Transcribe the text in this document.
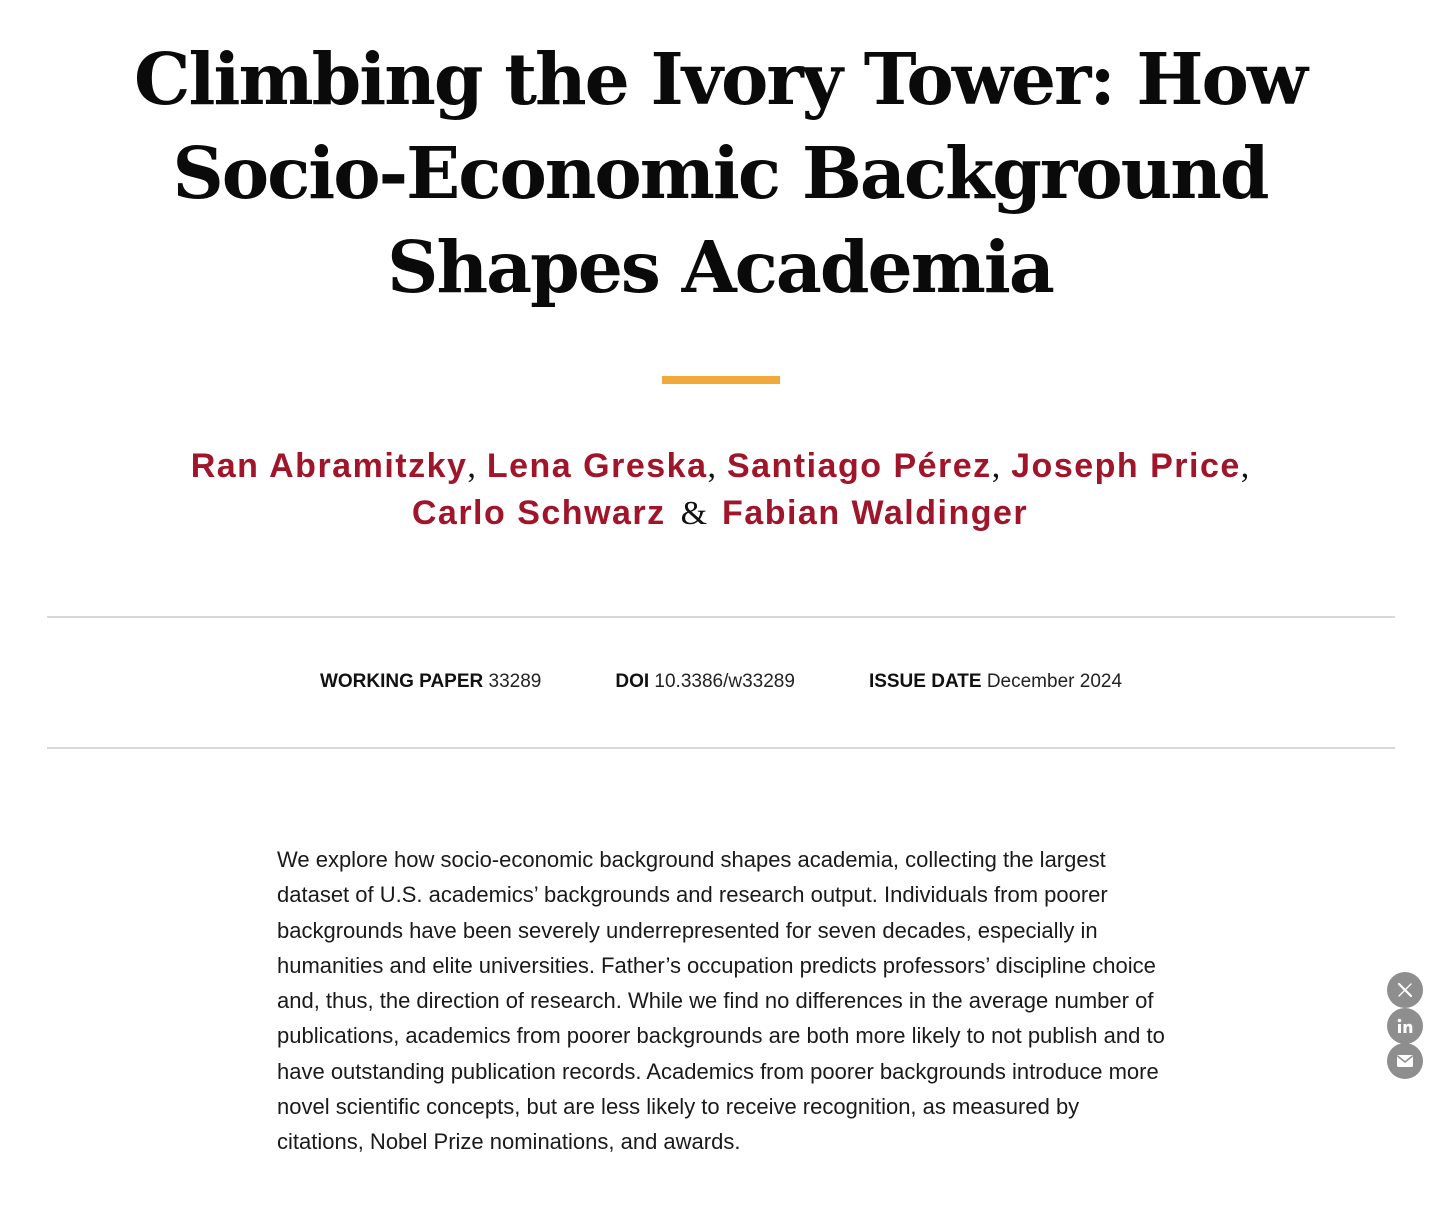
Climbing the Ivory Tower: How Socio-Economic Background Shapes Academia
Ran Abramitzky, Lena Greska, Santiago Pérez, Joseph Price, Carlo Schwarz & Fabian Waldinger
WORKING PAPER 33289	DOI 10.3386/w33289	ISSUE DATE December 2024

We explore how socio-economic background shapes academia, collecting the largest dataset of U.S. academics’ backgrounds and research output. Individuals from poorer backgrounds have been severely underrepresented for seven decades, especially in humanities and elite universities. Father’s occupation predicts professors’ discipline choice and, thus, the direction of research. While we find no differences in the average number of publications, academics from poorer backgrounds are both more likely to not publish and to have outstanding publication records. Academics from poorer backgrounds introduce more novel scientific concepts, but are less likely to receive recognition, as measured by citations, Nobel Prize nominations, and awards.
